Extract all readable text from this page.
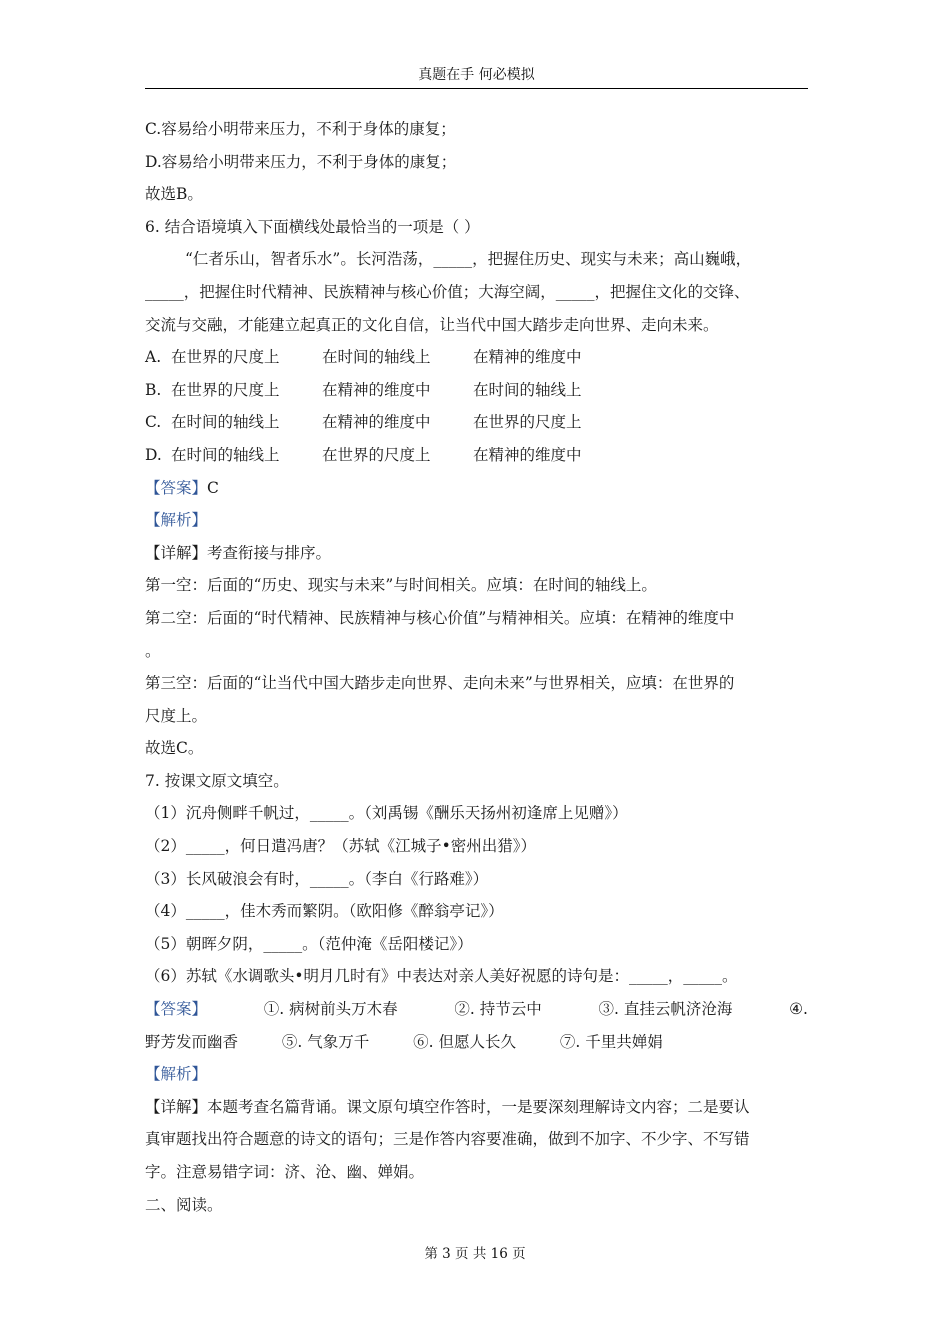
真题在手 何必模拟
C.容易给小明带来压力，不利于身体的康复；
D.容易给小明带来压力，不利于身体的康复；
故选B。
6. 结合语境填入下面横线处最恰当的一项是（ ）
“仁者乐山，智者乐水”。长河浩荡，_____，把握住历史、现实与未来；高山巍峨，
_____，把握住时代精神、民族精神与核心价值；大海空阔，_____，把握住文化的交锋、
交流与交融，才能建立起真正的文化自信，让当代中国大踏步走向世界、走向未来。
A. 在世界的尺度上	在时间的轴线上	在精神的维度中
B. 在世界的尺度上	在精神的维度中	在时间的轴线上
C. 在时间的轴线上	在精神的维度中	在世界的尺度上
D. 在时间的轴线上	在世界的尺度上	在精神的维度中
【答案】C
【解析】
【详解】考查衔接与排序。
第一空：后面的“历史、现实与未来”与时间相关。应填：在时间的轴线上。
第二空：后面的“时代精神、民族精神与核心价值”与精神相关。应填：在精神的维度中
。
第三空：后面的“让当代中国大踏步走向世界、走向未来”与世界相关，应填：在世界的
尺度上。
故选C。
7. 按课文原文填空。
（1）沉舟侧畔千帆过，_____。（刘禹锡《酬乐天扬州初逢席上见赠》）
（2）_____，何日遣冯唐？（苏轼《江城子•密州出猎》）
（3）长风破浪会有时，_____。（李白《行路难》）
（4）_____，佳木秀而繁阴。（欧阳修《醉翁亭记》）
（5）朝晖夕阴，_____。（范仲淹《岳阳楼记》）
（6）苏轼《水调歌头•明月几时有》中表达对亲人美好祝愿的诗句是：_____，_____。
【答案】	①. 病树前头万木春	②. 持节云中	③. 直挂云帆济沧海	④.
野芳发而幽香	⑤. 气象万千	⑥. 但愿人长久	⑦. 千里共婵娟
【解析】
【详解】本题考查名篇背诵。课文原句填空作答时，一是要深刻理解诗文内容；二是要认
真审题找出符合题意的诗文的语句；三是作答内容要准确，做到不加字、不少字、不写错
字。注意易错字词：济、沧、幽、婵娟。
二、阅读。
第 3 页 共 16 页
